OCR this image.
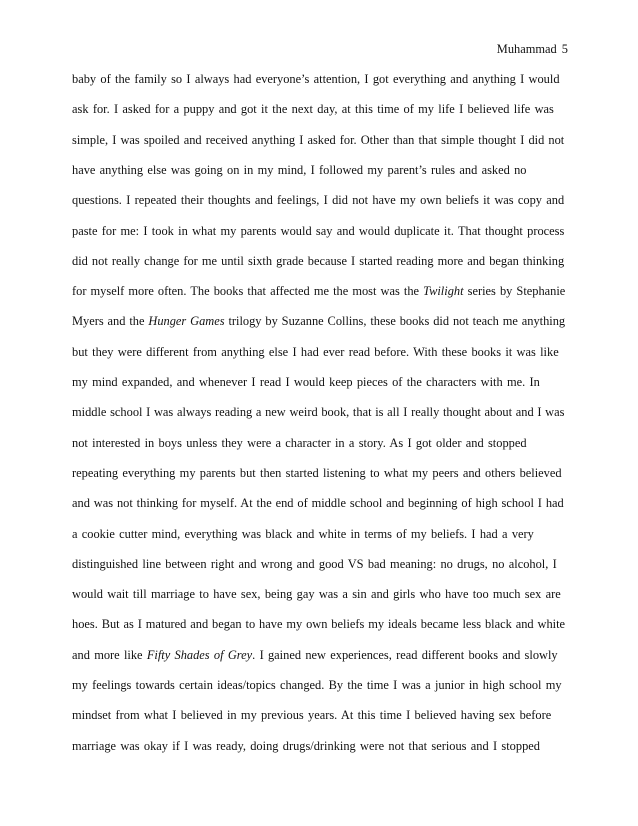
Muhammad 5
baby of the family so I always had everyone’s attention, I got everything and anything I would
ask for. I asked for a puppy and got it the next day, at this time of my life I believed life was
simple, I was spoiled and received anything I asked for. Other than that simple thought I did not
have anything else was going on in my mind, I followed my parent’s rules and asked no
questions. I repeated their thoughts and feelings, I did not have my own beliefs it was copy and
paste for me: I took in what my parents would say and would duplicate it. That thought process
did not really change for me until sixth grade because I started reading more and began thinking
for myself more often. The books that affected me the most was the Twilight series by Stephanie
Myers and the Hunger Games trilogy by Suzanne Collins, these books did not teach me anything
but they were different from anything else I had ever read before. With these books it was like
my mind expanded, and whenever I read I would keep pieces of the characters with me. In
middle school I was always reading a new weird book, that is all I really thought about and I was
not interested in boys unless they were a character in a story. As I got older and stopped
repeating everything my parents but then started listening to what my peers and others believed
and was not thinking for myself. At the end of middle school and beginning of high school I had
a cookie cutter mind, everything was black and white in terms of my beliefs. I had a very
distinguished line between right and wrong and good VS bad meaning: no drugs, no alcohol, I
would wait till marriage to have sex, being gay was a sin and girls who have too much sex are
hoes. But as I matured and began to have my own beliefs my ideals became less black and white
and more like Fifty Shades of Grey. I gained new experiences, read different books and slowly
my feelings towards certain ideas/topics changed. By the time I was a junior in high school my
mindset from what I believed in my previous years. At this time I believed having sex before
marriage was okay if I was ready, doing drugs/drinking were not that serious and I stopped
